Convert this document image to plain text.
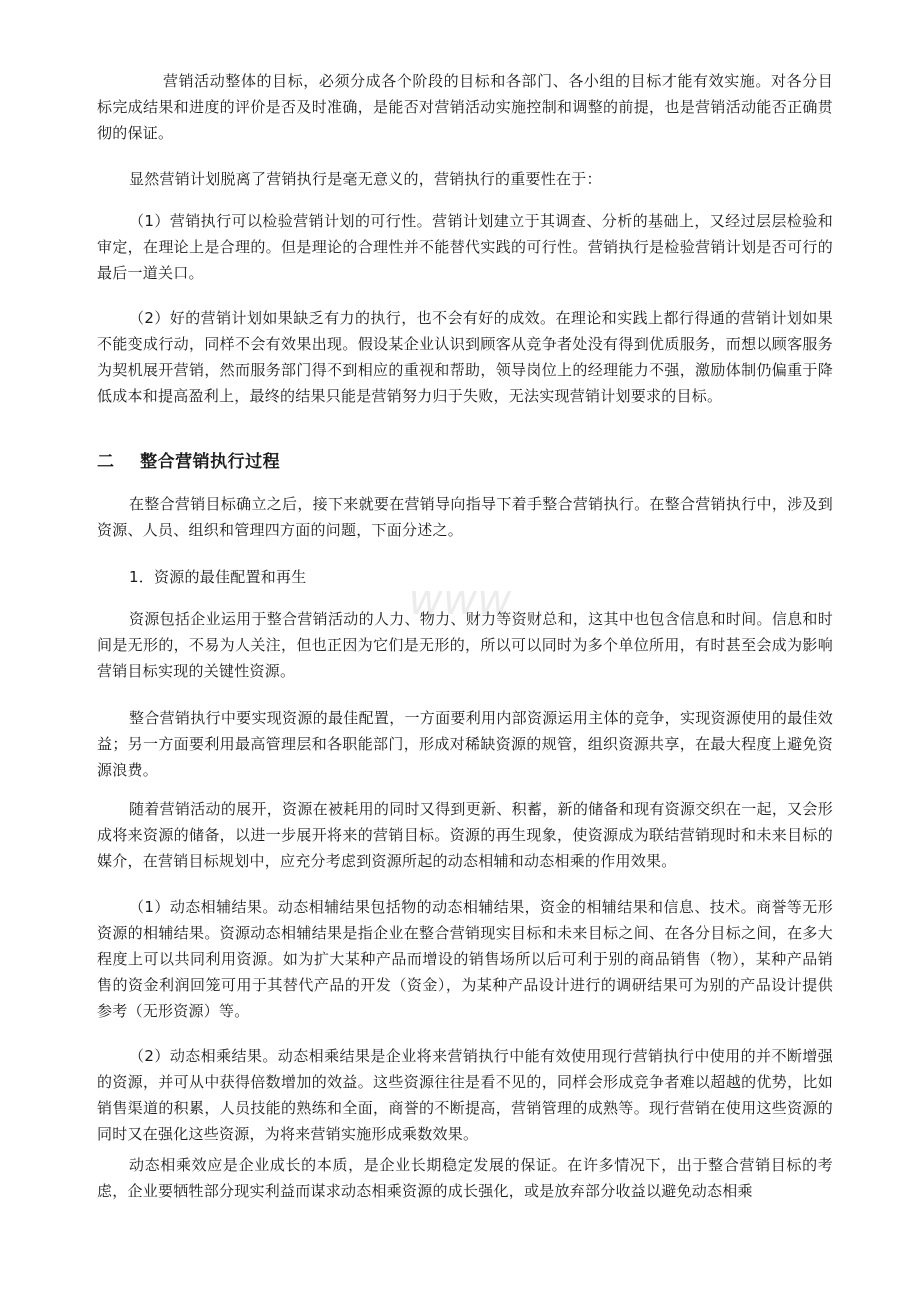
www

营销活动整体的目标，必须分成各个阶段的目标和各部门、各小组的目标才能有效实施。对各分目标完成结果和进度的评价是否及时准确，是能否对营销活动实施控制和调整的前提，也是营销活动能否正确贯彻的保证。

显然营销计划脱离了营销执行是毫无意义的，营销执行的重要性在于：

（1）营销执行可以检验营销计划的可行性。营销计划建立于其调查、分析的基础上，又经过层层检验和审定，在理论上是合理的。但是理论的合理性并不能替代实践的可行性。营销执行是检验营销计划是否可行的最后一道关口。

（2）好的营销计划如果缺乏有力的执行，也不会有好的成效。在理论和实践上都行得通的营销计划如果不能变成行动，同样不会有效果出现。假设某企业认识到顾客从竞争者处没有得到优质服务，而想以顾客服务为契机展开营销，然而服务部门得不到相应的重视和帮助，领导岗位上的经理能力不强，激励体制仍偏重于降低成本和提高盈利上，最终的结果只能是营销努力归于失败，无法实现营销计划要求的目标。

二    整合营销执行过程

在整合营销目标确立之后，接下来就要在营销导向指导下着手整合营销执行。在整合营销执行中，涉及到资源、人员、组织和管理四方面的问题，下面分述之。

1．资源的最佳配置和再生

资源包括企业运用于整合营销活动的人力、物力、财力等资财总和，这其中也包含信息和时间。信息和时间是无形的，不易为人关注，但也正因为它们是无形的，所以可以同时为多个单位所用，有时甚至会成为影响营销目标实现的关键性资源。

整合营销执行中要实现资源的最佳配置，一方面要利用内部资源运用主体的竞争，实现资源使用的最佳效益；另一方面要利用最高管理层和各职能部门，形成对稀缺资源的规管，组织资源共享，在最大程度上避免资源浪费。

随着营销活动的展开，资源在被耗用的同时又得到更新、积蓄，新的储备和现有资源交织在一起，又会形成将来资源的储备，以进一步展开将来的营销目标。资源的再生现象，使资源成为联结营销现时和未来目标的媒介，在营销目标规划中，应充分考虑到资源所起的动态相辅和动态相乘的作用效果。

（1）动态相辅结果。动态相辅结果包括物的动态相辅结果，资金的相辅结果和信息、技术。商誉等无形资源的相辅结果。资源动态相辅结果是指企业在整合营销现实目标和未来目标之间、在各分目标之间，在多大程度上可以共同利用资源。如为扩大某种产品而增设的销售场所以后可利于别的商品销售（物），某种产品销售的资金利润回笼可用于其替代产品的开发（资金），为某种产品设计进行的调研结果可为别的产品设计提供参考（无形资源）等。

（2）动态相乘结果。动态相乘结果是企业将来营销执行中能有效使用现行营销执行中使用的并不断增强的资源，并可从中获得倍数增加的效益。这些资源往往是看不见的，同样会形成竞争者难以超越的优势，比如销售渠道的积累，人员技能的熟练和全面，商誉的不断提高，营销管理的成熟等。现行营销在使用这些资源的同时又在强化这些资源，为将来营销实施形成乘数效果。

动态相乘效应是企业成长的本质，是企业长期稳定发展的保证。在许多情况下，出于整合营销目标的考虑，企业要牺牲部分现实利益而谋求动态相乘资源的成长强化，或是放弃部分收益以避免动态相乘
